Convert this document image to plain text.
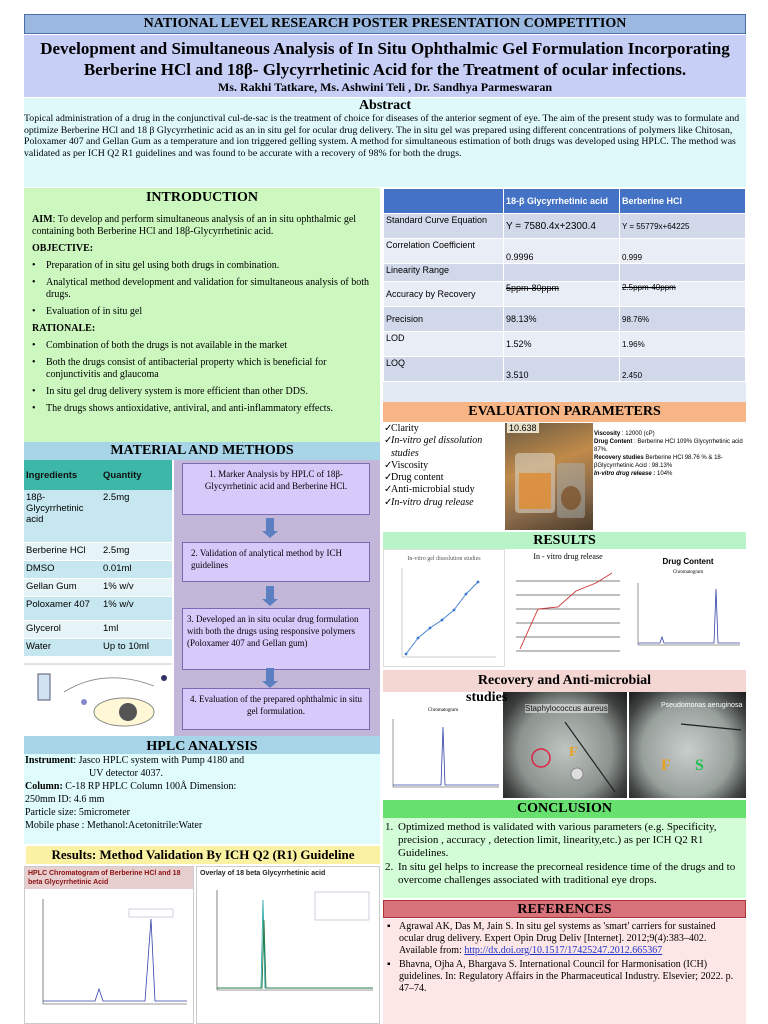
NATIONAL LEVEL RESEARCH POSTER PRESENTATION COMPETITION
Development and Simultaneous Analysis of In Situ Ophthalmic Gel Formulation Incorporating
Berberine HCl and 18β- Glycyrrhetinic Acid for the Treatment of ocular infections.
Ms. Rakhi Tatkare, Ms. Ashwini Teli , Dr. Sandhya Parmeswaran
Abstract

Topical administration of a drug in the conjunctival cul-de-sac is the treatment of choice for diseases of the anterior segment of eye. The aim of the present study was to formulate and optimize Berberine HCl and 18 β Glycyrrhetinic acid as an in situ gel for ocular drug delivery. The in situ gel was prepared using different concentrations of polymers like Chitosan, Poloxamer 407 and Gellan Gum as a temperature and ion triggered gelling system. A method for simultaneous estimation of both drugs was developed using HPLC. The method was validated as per ICH Q2 R1 guidelines and was found to be accurate with a recovery of 98% for both the drugs.

INTRODUCTION

AIM: To develop and perform simultaneous analysis of an in situ ophthalmic gel containing both Berberine HCl and 18β-Glycyrrhetinic acid.

OBJECTIVE:

• Preparation of in situ gel using both drugs in combination.
• Analytical method development and validation for simultaneous analysis of both drugs.
• Evaluation of in situ gel

RATIONALE:

• Combination of both the drugs is not available in the market
• Both the drugs consist of antibacterial property which is beneficial for conjunctivitis and glaucoma
• In situ gel drug delivery system is more efficient than other DDS.
• The drugs shows antioxidative, antiviral, and anti-inflammatory effects.
	18-β Glycyrrhetinic acid	Berberine HCl
Standard Curve Equation	Y = 7580.4x+2300.4	Y = 55779x+64225
Correlation Coefficient	0.9996	0.999
Linearity Range		
Accuracy by Recovery	5ppm-80ppm	2.5ppm-40ppm
Precision	98.13%	98.76%
LOD	1.52%	1.96%
LOQ	3.510	2.450
EVALUATION PARAMETERS
✓
Clarity
✓
In-vitro gel dissolution studies
✓
Viscosity
✓
Drug content
✓
Anti-microbial study
✓
In-vitro drug release
10.638
Viscosity : 12000 (cP)
Drug Content : Berberine HCl 109% Glycyrrhetinic acid 87%.
Recovery studies Berberine HCl 98.76 % & 18-βGlycyrrhetinic Acid : 98.13%
In-vitro drug release : 104%
MATERIAL AND METHODS
Ingredients	Quantity
18β-Glycyrrhetinic acid	2.5mg
Berberine HCl	2.5mg
DMSO	0.01ml
Gellan Gum	1% w/v
Poloxamer 407	1% w/v
Glycerol	1ml
Water	Up to 10ml
1. Marker Analysis by HPLC of 18β-Glycyrrhetinic acid and Berberine HCl.
2. Validation of analytical method by ICH guidelines
3. Developed an in situ ocular drug formulation with both the drugs using responsive polymers (Poloxamer 407 and Gellan gum)
4. Evaluation of the prepared ophthalmic in situ gel formulation.
HPLC ANALYSIS
Instrument: Jasco HPLC system with Pump 4180 and
UV detector 4037.
Column: C-18 RP HPLC Column 100Å Dimension:
250mm ID: 4.6 mm
Particle size: 5micrometer
Mobile phase : Methanol:Acetonitrile:Water
Results: Method Validation By ICH Q2 (R1) Guideline
HPLC Chromatogram of Berberine HCl and 18 beta Glycyrrhetinic Acid
Overlay of 18 beta Glycyrrhetinic acid
RESULTS
In-vitro gel dissolution studies	In - vitro drug release
Drug Content
Chromatogram
Recovery and Anti-microbial
studies
Chromatogram	Staphylococcus aureus
F
Pseudomonas aeruginosa
F S
CONCLUSION
1. Optimized method is validated with various parameters (e.g. Specificity, precision , accuracy , detection limit, linearity,etc.) as per ICH Q2 R1 Guidelines.
2. In situ gel helps to increase the precorneal residence time of the drugs and to overcome challenges associated with traditional eye drops.
REFERENCES
▪ Agrawal AK, Das M, Jain S. In situ gel systems as 'smart' carriers for sustained ocular drug delivery. Expert Opin Drug Deliv [Internet]. 2012;9(4):383–402. Available from: http://dx.doi.org/10.1517/17425247.2012.665367
▪ Bhavna, Ojha A, Bhargava S. International Council for Harmonisation (ICH) guidelines. In: Regulatory Affairs in the Pharmaceutical Industry. Elsevier; 2022. p. 47–74.
